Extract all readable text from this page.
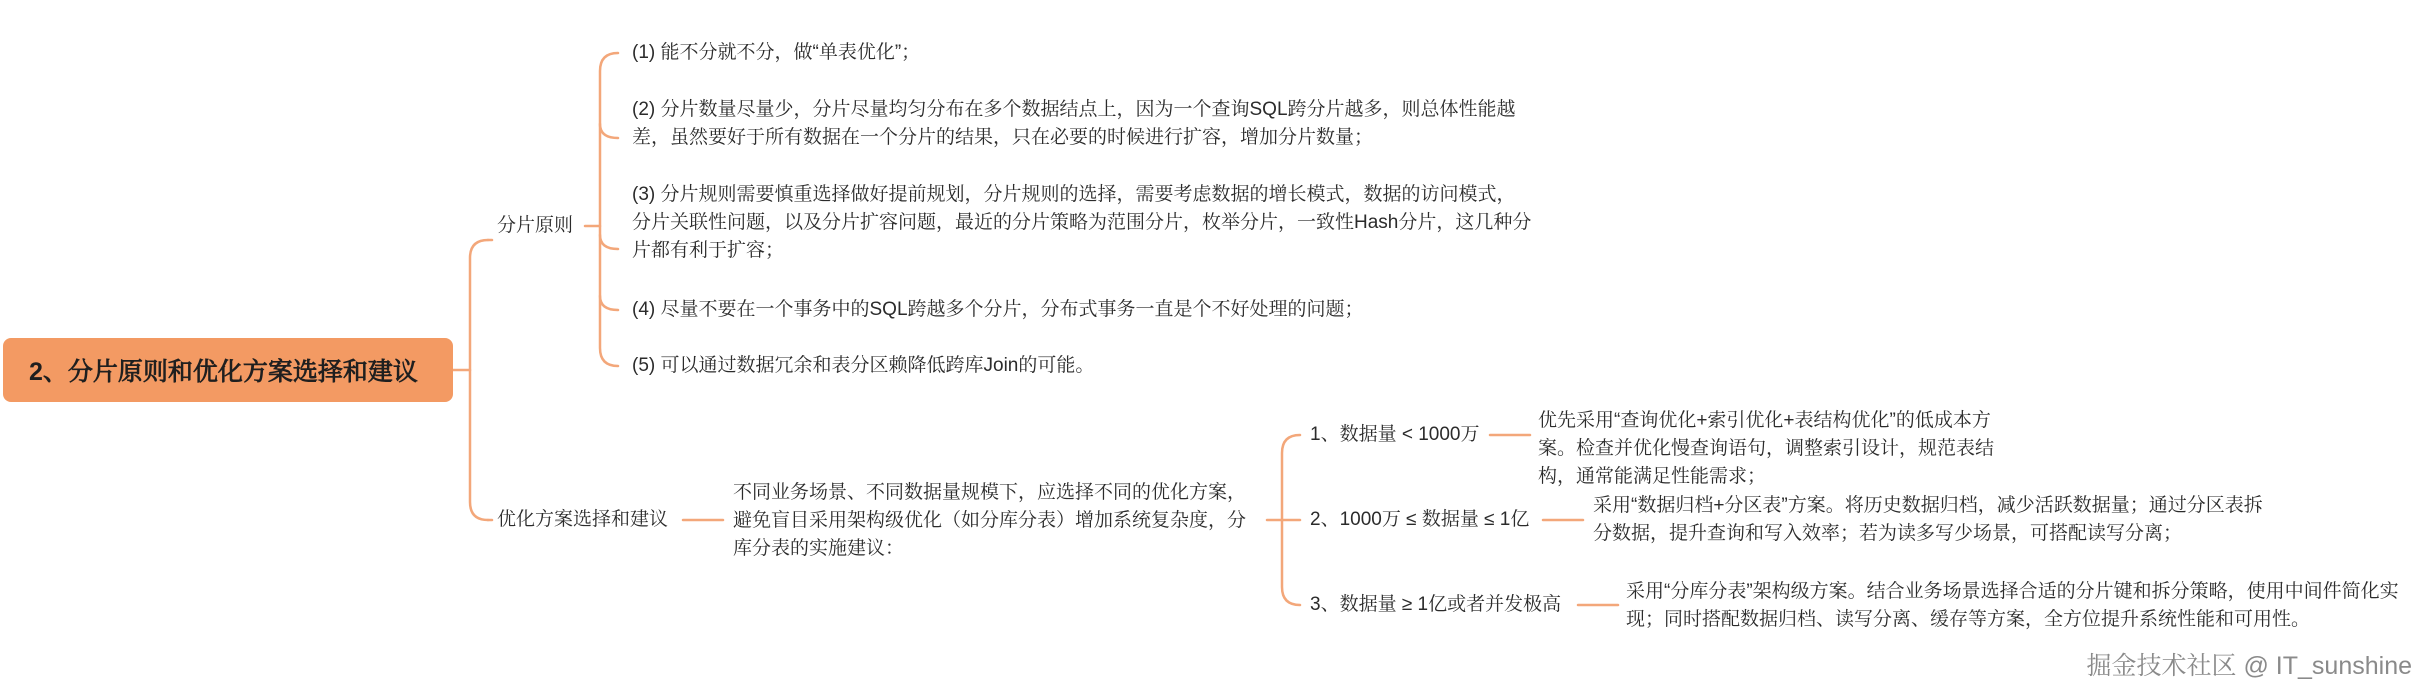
2、分片原则和优化方案选择和建议
分片原则
(1) 能不分就不分，做“单表优化”；
(2) 分片数量尽量少，分片尽量均匀分布在多个数据结点上，因为一个查询SQL跨分片越多，则总体性能越差，虽然要好于所有数据在一个分片的结果，只在必要的时候进行扩容，增加分片数量；
(3) 分片规则需要慎重选择做好提前规划，分片规则的选择，需要考虑数据的增长模式，数据的访问模式，分片关联性问题，以及分片扩容问题，最近的分片策略为范围分片，枚举分片，一致性Hash分片，这几种分片都有利于扩容；
(4) 尽量不要在一个事务中的SQL跨越多个分片，分布式事务一直是个不好处理的问题；
(5) 可以通过数据冗余和表分区赖降低跨库Join的可能。
优化方案选择和建议
不同业务场景、不同数据量规模下，应选择不同的优化方案，避免盲目采用架构级优化（如分库分表）增加系统复杂度，分库分表的实施建议：
1、数据量 < 1000万
2、1000万 ≤ 数据量 ≤ 1亿
3、数据量 ≥ 1亿或者并发极高
优先采用“查询优化+索引优化+表结构优化”的低成本方案。检查并优化慢查询语句，调整索引设计，规范表结构，通常能满足性能需求；
采用“数据归档+分区表”方案。将历史数据归档，减少活跃数据量；通过分区表拆分数据，提升查询和写入效率；若为读多写少场景，可搭配读写分离；
采用“分库分表”架构级方案。结合业务场景选择合适的分片键和拆分策略，使用中间件简化实现；同时搭配数据归档、读写分离、缓存等方案，全方位提升系统性能和可用性。
掘金技术社区 @ IT_sunshine
